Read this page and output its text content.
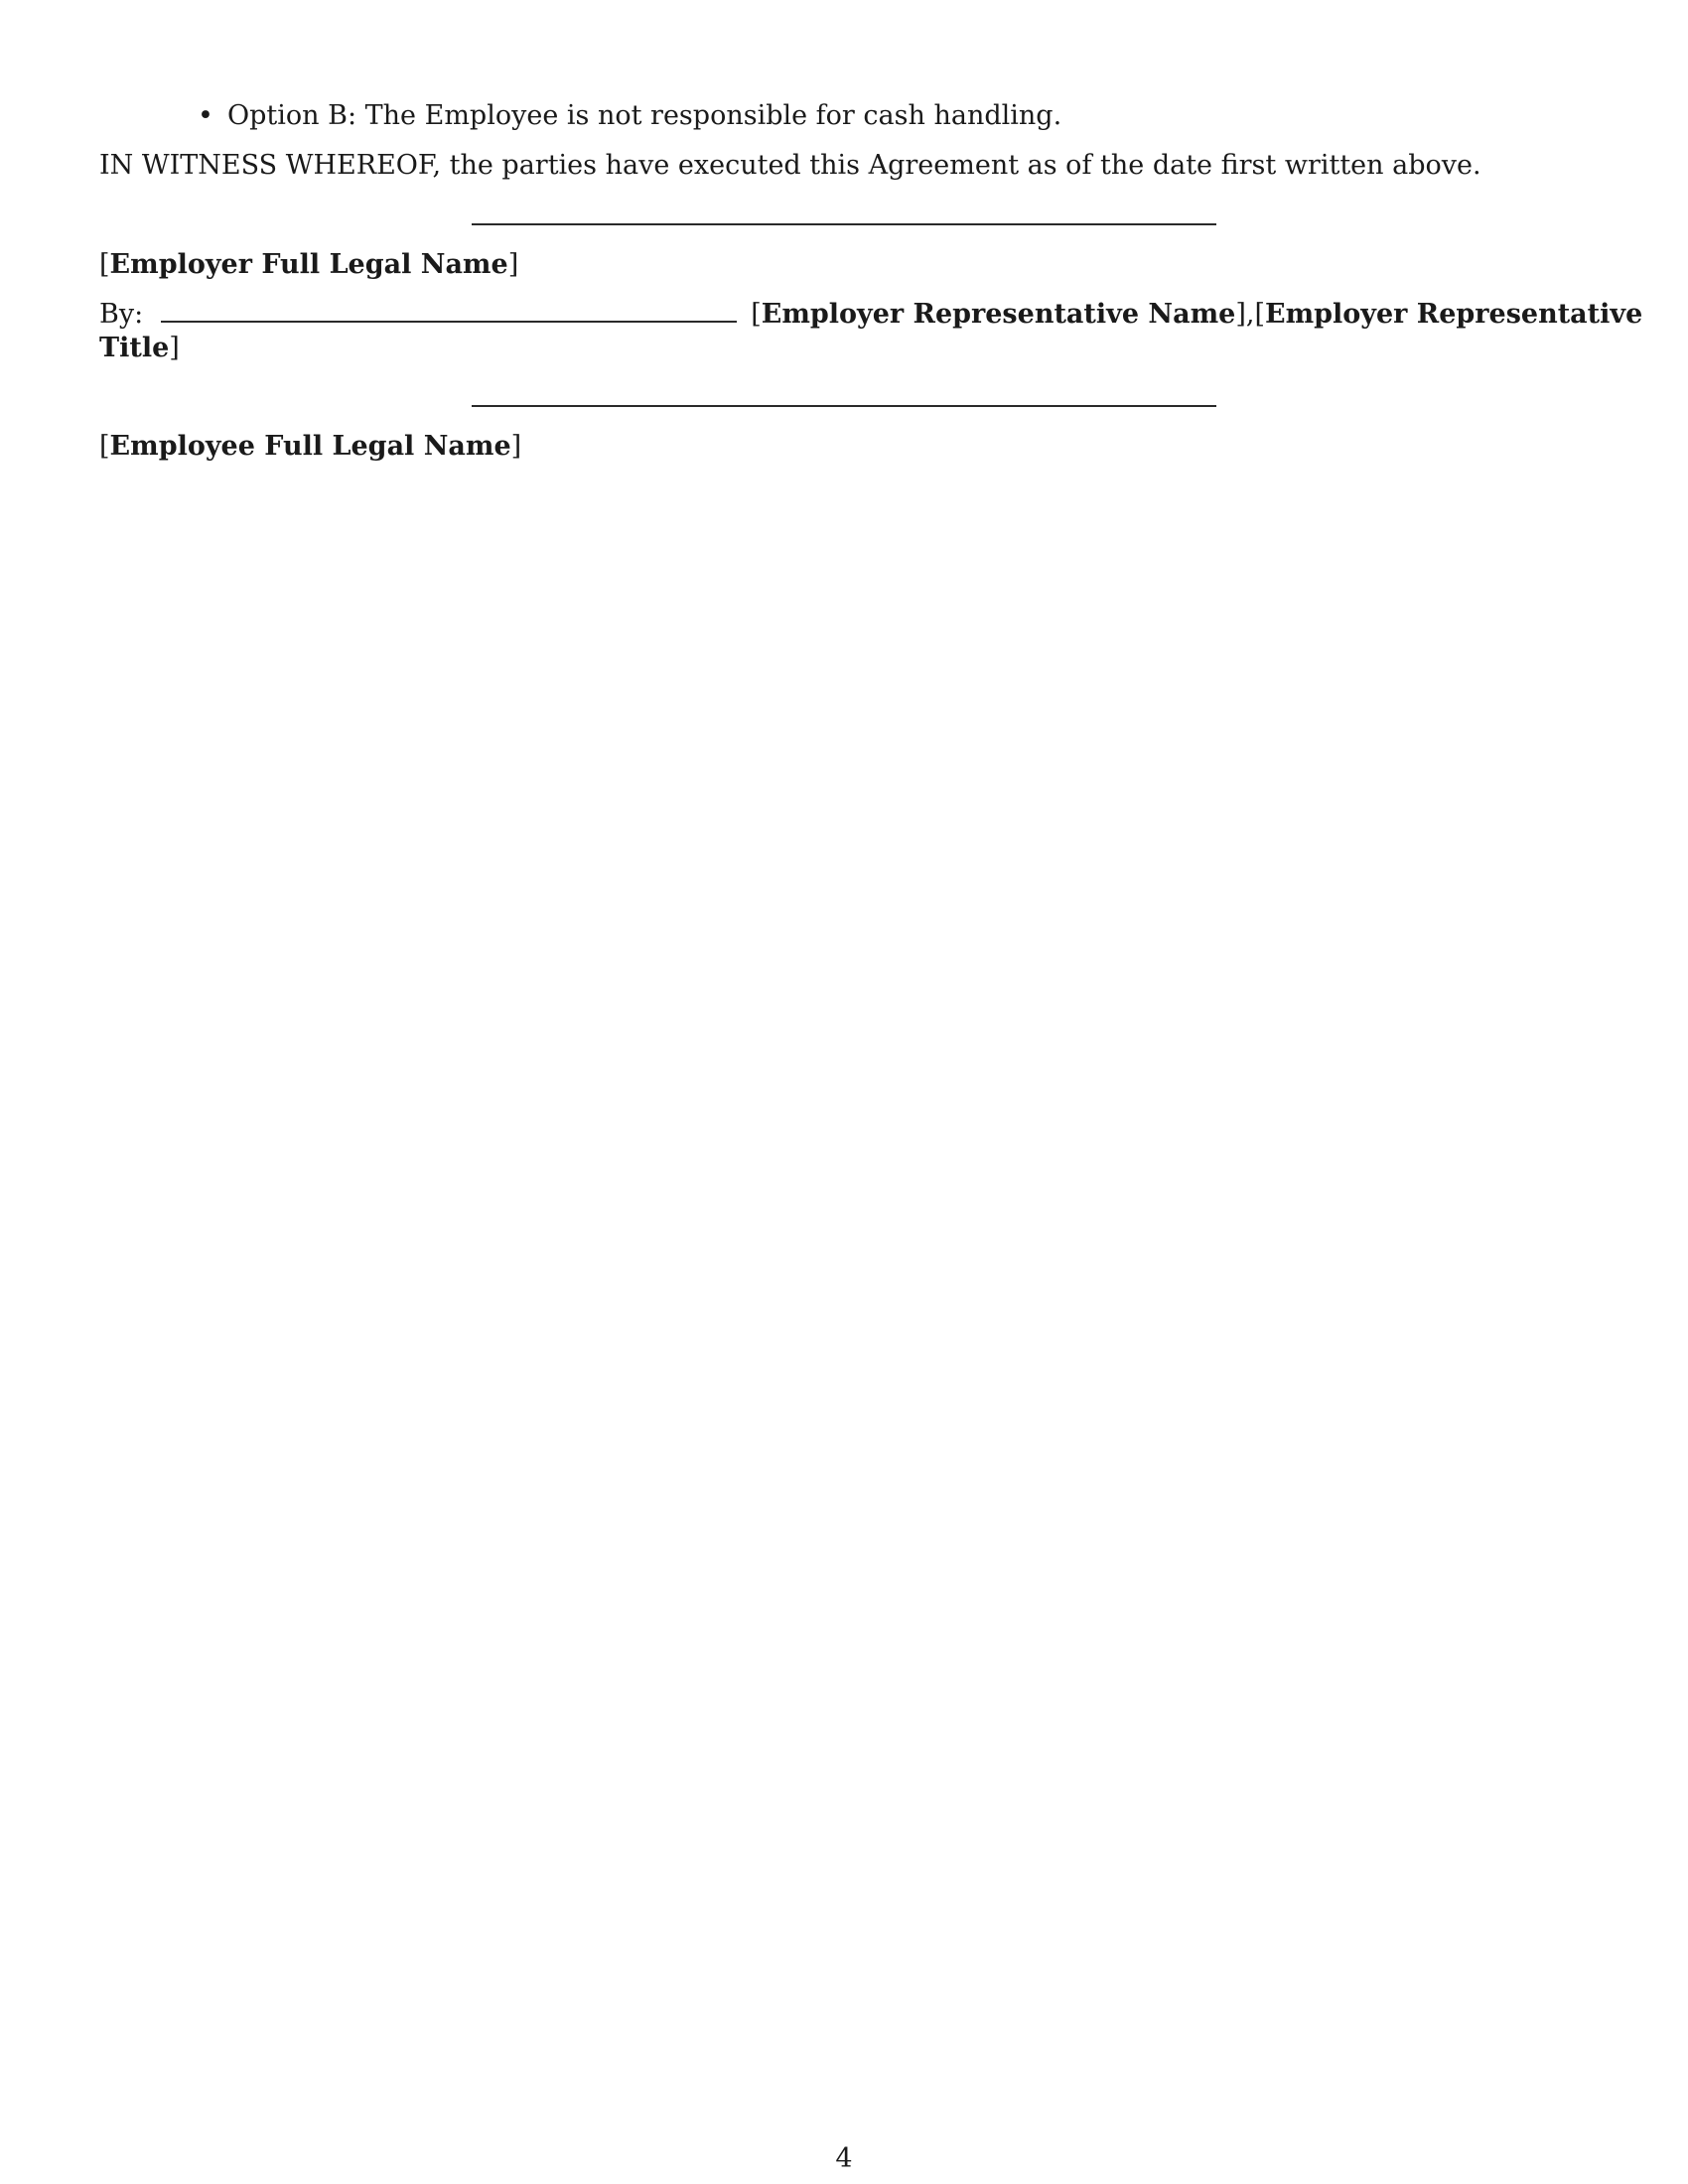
• Option B: The Employee is not responsible for cash handling.
IN WITNESS WHEREOF, the parties have executed this Agreement as of the date first written above.
[Employer Full Legal Name]
By:	[ Employer Representative Name ] , [Employer Representative
Title]
[Employee Full Legal Name]
4
